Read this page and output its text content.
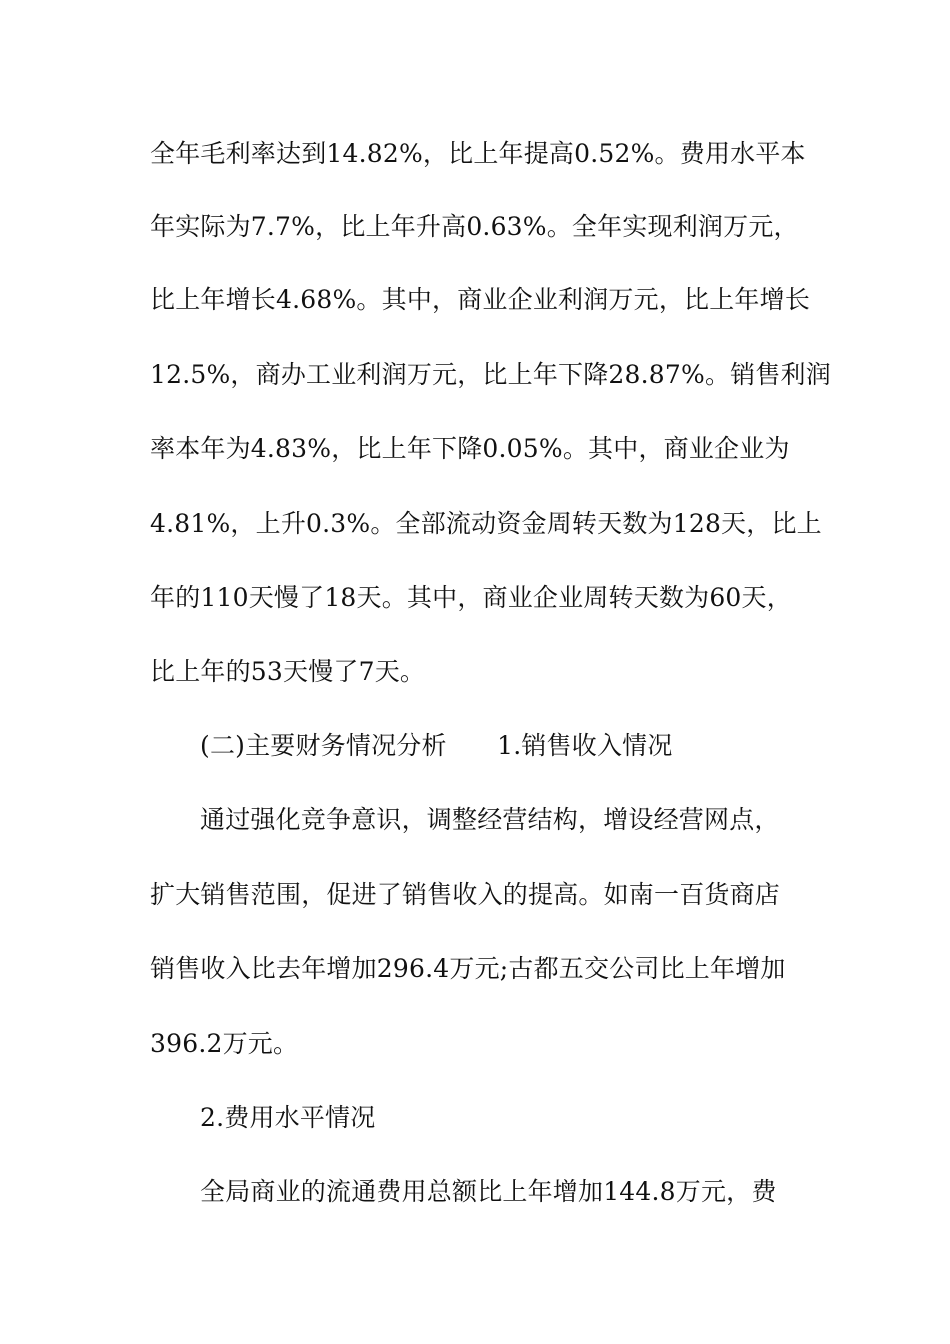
全年毛利率达到14.82%，比上年提高0.52%。费用水平本
年实际为7.7%，比上年升高0.63%。全年实现利润万元，
比上年增长4.68%。其中，商业企业利润万元，比上年增长
12.5%，商办工业利润万元，比上年下降28.87%。销售利润
率本年为4.83%，比上年下降0.05%。其中，商业企业为
4.81%，上升0.3%。全部流动资金周转天数为128天，比上
年的110天慢了18天。其中，商业企业周转天数为60天，
比上年的53天慢了7天。
(二)主要财务情况分析　　1.销售收入情况
通过强化竞争意识，调整经营结构，增设经营网点，
扩大销售范围，促进了销售收入的提高。如南一百货商店
销售收入比去年增加296.4万元;古都五交公司比上年增加
396.2万元。
2.费用水平情况
全局商业的流通费用总额比上年增加144.8万元，费
